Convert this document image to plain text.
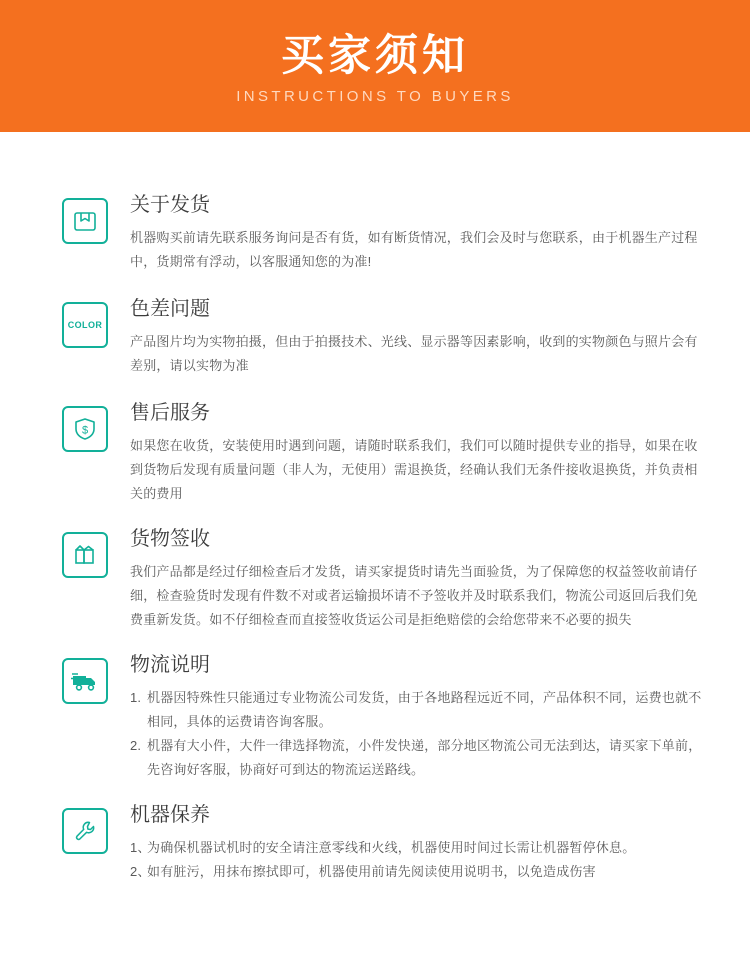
买家须知
INSTRUCTIONS TO BUYERS
关于发货

机器购买前请先联系服务询问是否有货，如有断货情况，我们会及时与您联系，由于机器生产过程中，货期常有浮动，以客服通知您的为准!

COLOR
色差问题

产品图片均为实物拍摄，但由于拍摄技术、光线、显示器等因素影响，收到的实物颜色与照片会有差别，请以实物为准

$
售后服务

如果您在收货，安装使用时遇到问题，请随时联系我们，我们可以随时提供专业的指导，如果在收到货物后发现有质量问题（非人为，无使用）需退换货，经确认我们无条件接收退换货，并负责相关的费用

货物签收

我们产品都是经过仔细检查后才发货，请买家提货时请先当面验货，为了保障您的权益签收前请仔细，检查验货时发现有件数不对或者运输损坏请不予签收并及时联系我们，物流公司返回后我们免费重新发货。如不仔细检查而直接签收货运公司是拒绝赔偿的会给您带来不必要的损失

物流说明
1. 机器因特殊性只能通过专业物流公司发货，由于各地路程远近不同，产品体积不同，运费也就不相同，具体的运费请咨询客服。
2. 机器有大小件，大件一律选择物流，小件发快递，部分地区物流公司无法到达，请买家下单前，先咨询好客服，协商好可到达的物流运送路线。
机器保养
1、
为确保机器试机时的安全请注意零线和火线，机器使用时间过长需让机器暂停休息。
2、
如有脏污，用抹布擦拭即可，机器使用前请先阅读使用说明书，以免造成伤害
